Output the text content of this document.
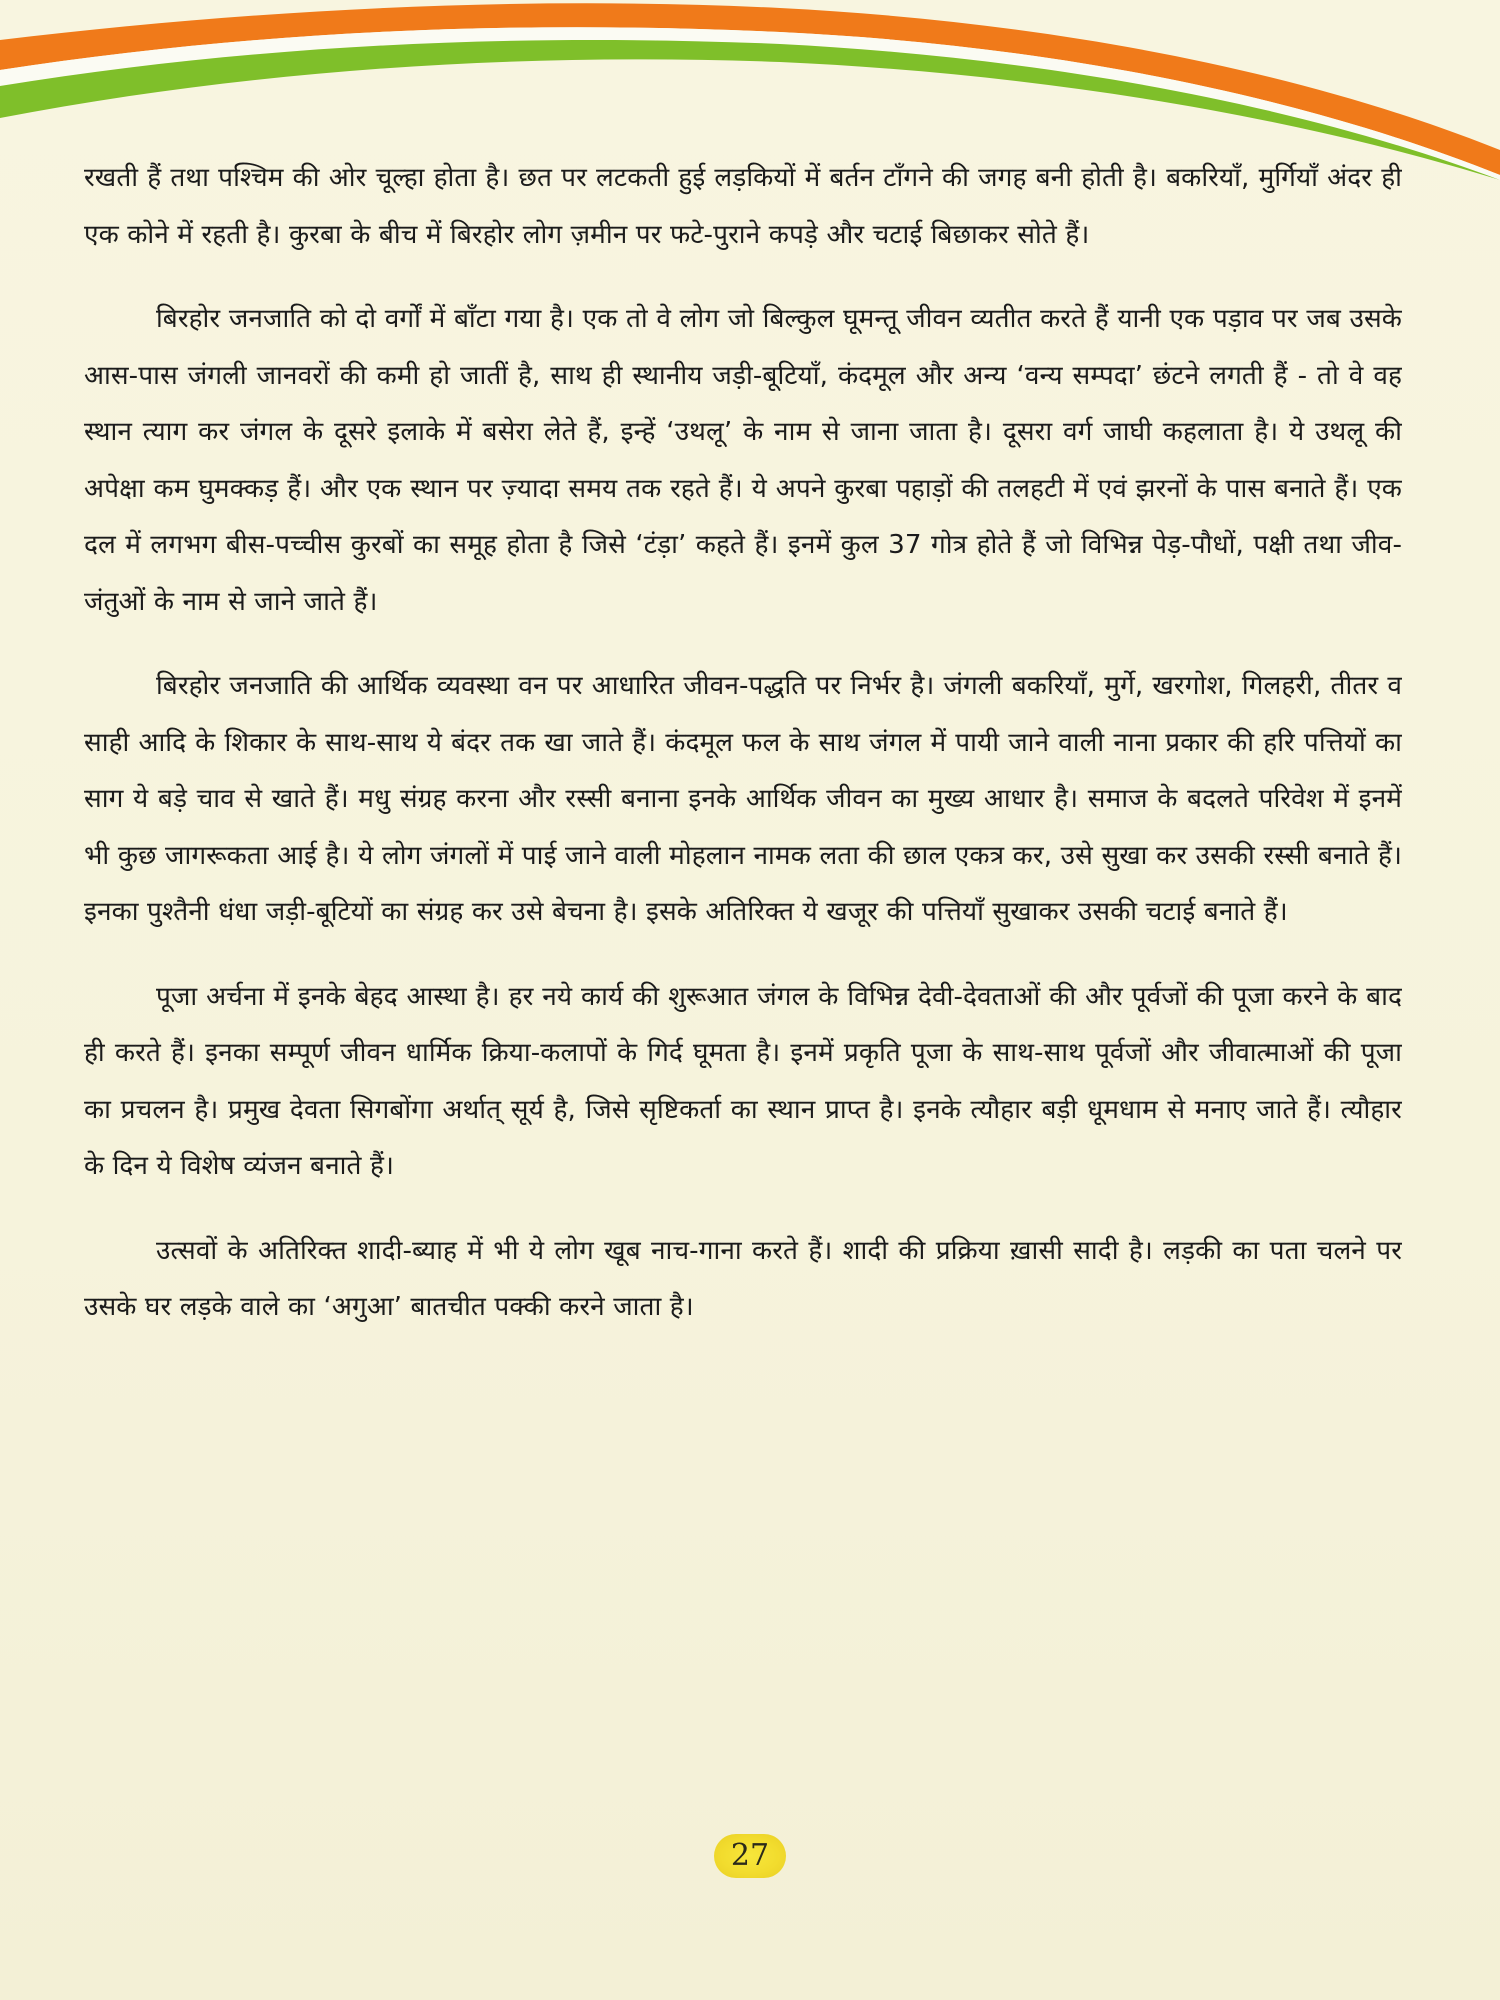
रखती हैं तथा पश्चिम की ओर चूल्हा होता है। छत पर लटकती हुई लड़कियों में बर्तन टाँगने की जगह बनी होती है। बकरियाँ, मुर्गियाँ अंदर ही एक कोने में रहती है। कुरबा के बीच में बिरहोर लोग ज़मीन पर फटे-पुराने कपड़े और चटाई बिछाकर सोते हैं।

बिरहोर जनजाति को दो वर्गों में बाँटा गया है। एक तो वे लोग जो बिल्कुल घूमन्तू जीवन व्यतीत करते हैं यानी एक पड़ाव पर जब उसके आस-पास जंगली जानवरों की कमी हो जातीं है, साथ ही स्थानीय जड़ी-बूटियाँ, कंदमूल और अन्य ‘वन्य सम्पदा’ छंटने लगती हैं - तो वे वह स्थान त्याग कर जंगल के दूसरे इलाके में बसेरा लेते हैं, इन्हें ‘उथलू’ के नाम से जाना जाता है। दूसरा वर्ग जाघी कहलाता है। ये उथलू की अपेक्षा कम घुमक्कड़ हैं। और एक स्थान पर ज़्यादा समय तक रहते हैं। ये अपने कुरबा पहाड़ों की तलहटी में एवं झरनों के पास बनाते हैं। एक दल में लगभग बीस-पच्चीस कुरबों का समूह होता है जिसे ‘टंड़ा’ कहते हैं। इनमें कुल 37 गोत्र होते हैं जो विभिन्न पेड़-पौधों, पक्षी तथा जीव-जंतुओं के नाम से जाने जाते हैं।

बिरहोर जनजाति की आर्थिक व्यवस्था वन पर आधारित जीवन-पद्धति पर निर्भर है। जंगली बकरियाँ, मुर्गे, खरगोश, गिलहरी, तीतर व साही आदि के शिकार के साथ-साथ ये बंदर तक खा जाते हैं। कंदमूल फल के साथ जंगल में पायी जाने वाली नाना प्रकार की हरि पत्तियों का साग ये बड़े चाव से खाते हैं। मधु संग्रह करना और रस्सी बनाना इनके आर्थिक जीवन का मुख्य आधार है। समाज के बदलते परिवेश में इनमें भी कुछ जागरूकता आई है। ये लोग जंगलों में पाई जाने वाली मोहलान नामक लता की छाल एकत्र कर, उसे सुखा कर उसकी रस्सी बनाते हैं। इनका पुश्तैनी धंधा जड़ी-बूटियों का संग्रह कर उसे बेचना है। इसके अतिरिक्त ये खजूर की पत्तियाँ सुखाकर उसकी चटाई बनाते हैं।

पूजा अर्चना में इनके बेहद आस्था है। हर नये कार्य की शुरूआत जंगल के विभिन्न देवी-देवताओं की और पूर्वजों की पूजा करने के बाद ही करते हैं। इनका सम्पूर्ण जीवन धार्मिक क्रिया-कलापों के गिर्द घूमता है। इनमें प्रकृति पूजा के साथ-साथ पूर्वजों और जीवात्माओं की पूजा का प्रचलन है। प्रमुख देवता सिगबोंगा अर्थात् सूर्य है, जिसे सृष्टिकर्ता का स्थान प्राप्त है। इनके त्यौहार बड़ी धूमधाम से मनाए जाते हैं। त्यौहार के दिन ये विशेष व्यंजन बनाते हैं।

उत्सवों के अतिरिक्त शादी-ब्याह में भी ये लोग खूब नाच-गाना करते हैं। शादी की प्रक्रिया ख़ासी सादी है। लड़की का पता चलने पर उसके घर लड़के वाले का ‘अगुआ’ बातचीत पक्की करने जाता है।

27
